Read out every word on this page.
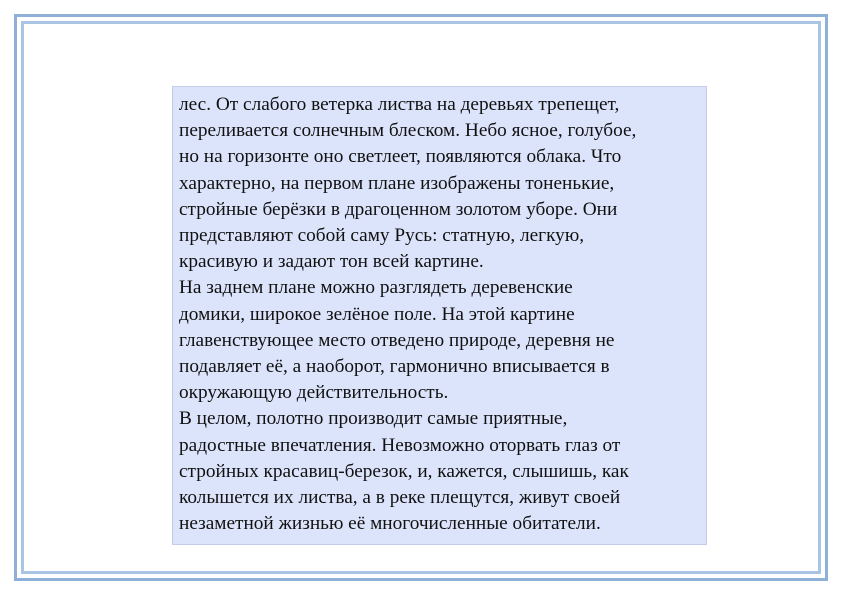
лес. От слабого ветерка листва на деревьях трепещет,
переливается солнечным блеском. Небо ясное, голубое,
но на горизонте оно светлеет, появляются облака. Что
характерно, на первом плане изображены тоненькие,
стройные берёзки в драгоценном золотом уборе. Они
представляют собой саму Русь: статную, легкую,
красивую и задают тон всей картине.
На заднем плане можно разглядеть деревенские
домики, широкое зелёное поле. На этой картине
главенствующее место отведено природе, деревня не
подавляет её, а наоборот, гармонично вписывается в
окружающую действительность.
В целом, полотно производит самые приятные,
радостные впечатления. Невозможно оторвать глаз от
стройных красавиц-березок, и, кажется, слышишь, как
колышется их листва, а в реке плещутся, живут своей
незаметной жизнью её многочисленные обитатели.
